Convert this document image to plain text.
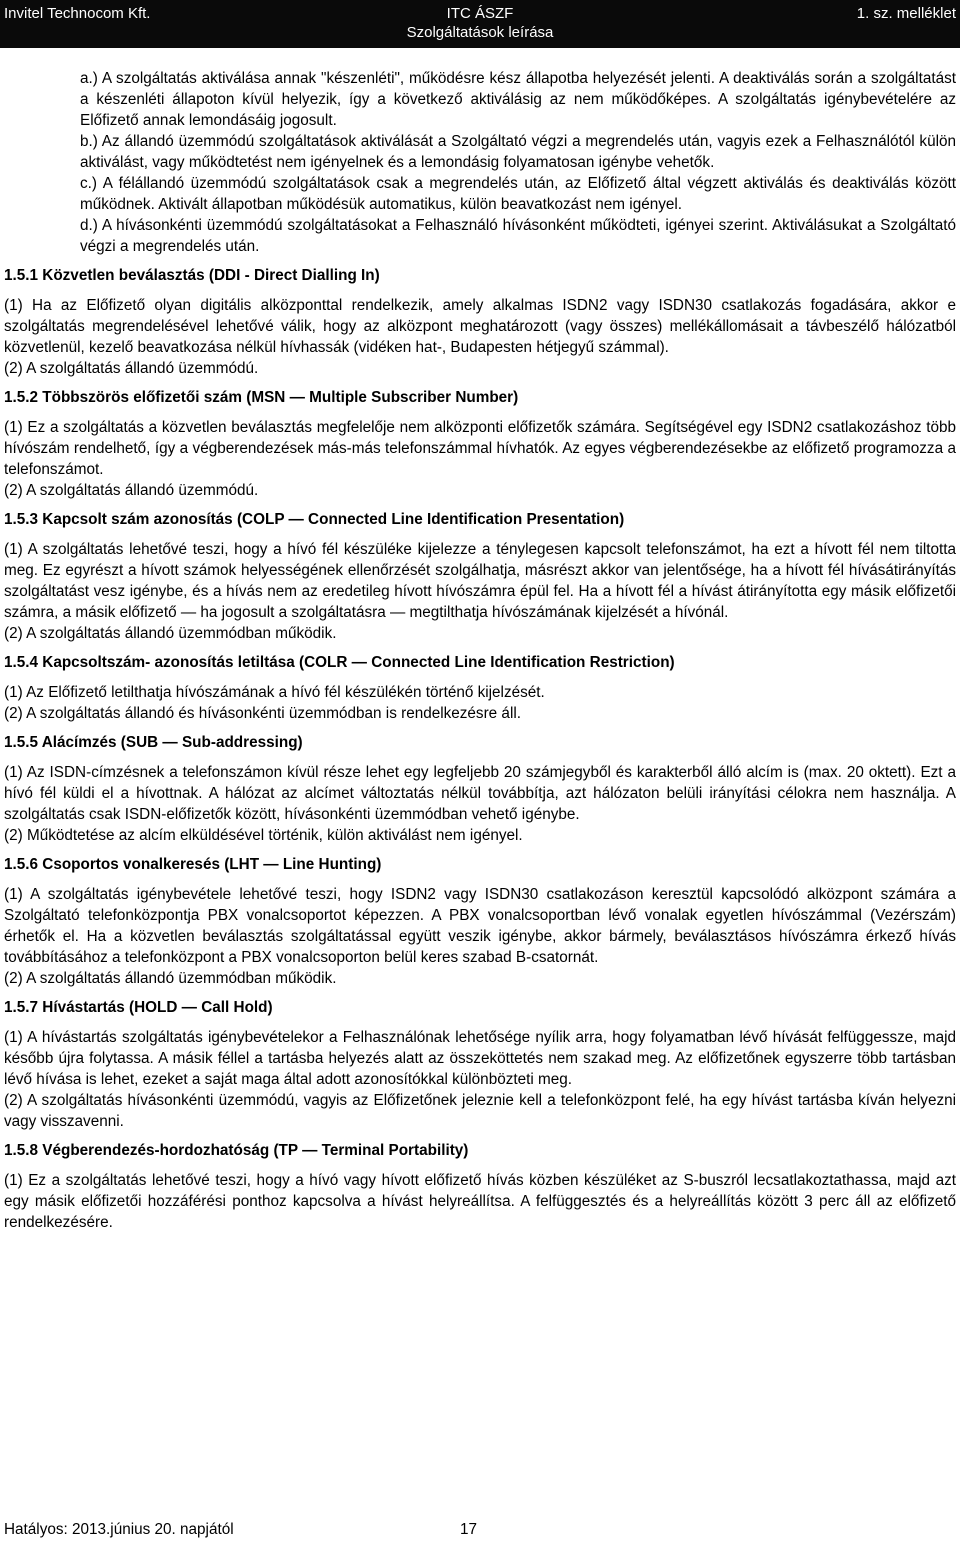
Invitel Technocom Kft.	ITC ÁSZF
Szolgáltatások leírása
1. sz. melléklet

a.) A szolgáltatás aktiválása annak "készenléti", működésre kész állapotba helyezését jelenti. A deaktiválás során a szolgáltatást a készenléti állapoton kívül helyezik, így a következő aktiválásig az nem működőképes. A szolgáltatás igénybevételére az Előfizető annak lemondásáig jogosult.

b.) Az állandó üzemmódú szolgáltatások aktiválását a Szolgáltató végzi a megrendelés után, vagyis ezek a Felhasználótól külön aktiválást, vagy működtetést nem igényelnek és a lemondásig folyamatosan igénybe vehetők.

c.) A félállandó üzemmódú szolgáltatások csak a megrendelés után, az Előfizető által végzett aktiválás és deaktiválás között működnek. Aktivált állapotban működésük automatikus, külön beavatkozást nem igényel.

d.) A hívásonkénti üzemmódú szolgáltatásokat a Felhasználó hívásonként működteti, igényei szerint. Aktiválásukat a Szolgáltató végzi a megrendelés után.

1.5.1 Közvetlen beválasztás (DDI - Direct Dialling In)

(1) Ha az Előfizető olyan digitális alközponttal rendelkezik, amely alkalmas ISDN2 vagy ISDN30 csatlakozás fogadására, akkor e szolgáltatás megrendelésével lehetővé válik, hogy az alközpont meghatározott (vagy összes) mellékállomásait a távbeszélő hálózatból közvetlenül, kezelő beavatkozása nélkül hívhassák (vidéken hat-, Budapesten hétjegyű számmal).

(2) A szolgáltatás állandó üzemmódú.

1.5.2 Többszörös előfizetői szám (MSN — Multiple Subscriber Number)

(1) Ez a szolgáltatás a közvetlen beválasztás megfelelője nem alközponti előfizetők számára. Segítségével egy ISDN2 csatlakozáshoz több hívószám rendelhető, így a végberendezések más-más telefonszámmal hívhatók. Az egyes végberendezésekbe az előfizető programozza a telefonszámot.

(2) A szolgáltatás állandó üzemmódú.

1.5.3 Kapcsolt szám azonosítás (COLP — Connected Line Identification Presentation)

(1) A szolgáltatás lehetővé teszi, hogy a hívó fél készüléke kijelezze a ténylegesen kapcsolt telefonszámot, ha ezt a hívott fél nem tiltotta meg. Ez egyrészt a hívott számok helyességének ellenőrzését szolgálhatja, másrészt akkor van jelentősége, ha a hívott fél hívásátirányítás szolgáltatást vesz igénybe, és a hívás nem az eredetileg hívott hívószámra épül fel. Ha a hívott fél a hívást átirányította egy másik előfizetői számra, a másik előfizető — ha jogosult a szolgáltatásra — megtilthatja hívószámának kijelzését a hívónál.

(2) A szolgáltatás állandó üzemmódban működik.

1.5.4 Kapcsoltszám- azonosítás letiltása (COLR — Connected Line Identification Restriction)

(1) Az Előfizető letilthatja hívószámának a hívó fél készülékén történő kijelzését.

(2) A szolgáltatás állandó és hívásonkénti üzemmódban is rendelkezésre áll.

1.5.5 Alácímzés (SUB — Sub-addressing)

(1) Az ISDN-címzésnek a telefonszámon kívül része lehet egy legfeljebb 20 számjegyből és karakterből álló alcím is (max. 20 oktett). Ezt a hívó fél küldi el a hívottnak. A hálózat az alcímet változtatás nélkül továbbítja, azt hálózaton belüli irányítási célokra nem használja. A szolgáltatás csak ISDN-előfizetők között, hívásonkénti üzemmódban vehető igénybe.

(2) Működtetése az alcím elküldésével történik, külön aktiválást nem igényel.

1.5.6 Csoportos vonalkeresés (LHT — Line Hunting)

(1) A szolgáltatás igénybevétele lehetővé teszi, hogy ISDN2 vagy ISDN30 csatlakozáson keresztül kapcsolódó alközpont számára a Szolgáltató telefonközpontja PBX vonalcsoportot képezzen. A PBX vonalcsoportban lévő vonalak egyetlen hívószámmal (Vezérszám) érhetők el. Ha a közvetlen beválasztás szolgáltatással együtt veszik igénybe, akkor bármely, beválasztásos hívószámra érkező hívás továbbításához a telefonközpont a PBX vonalcsoporton belül keres szabad B-csatornát.

(2) A szolgáltatás állandó üzemmódban működik.

1.5.7 Hívástartás (HOLD — Call Hold)

(1) A hívástartás szolgáltatás igénybevételekor a Felhasználónak lehetősége nyílik arra, hogy folyamatban lévő hívását felfüggessze, majd később újra folytassa. A másik féllel a tartásba helyezés alatt az összeköttetés nem szakad meg. Az előfizetőnek egyszerre több tartásban lévő hívása is lehet, ezeket a saját maga által adott azonosítókkal különbözteti meg.

(2) A szolgáltatás hívásonkénti üzemmódú, vagyis az Előfizetőnek jeleznie kell a telefonközpont felé, ha egy hívást tartásba kíván helyezni vagy visszavenni.

1.5.8 Végberendezés-hordozhatóság (TP — Terminal Portability)

(1) Ez a szolgáltatás lehetővé teszi, hogy a hívó vagy hívott előfizető hívás közben készüléket az S-buszról lecsatlakoztathassa, majd azt egy másik előfizetői hozzáférési ponthoz kapcsolva a hívást helyreállítsa. A felfüggesztés és a helyreállítás között 3 perc áll az előfizető rendelkezésére.

Hatályos: 2013.június 20. napjától	17
